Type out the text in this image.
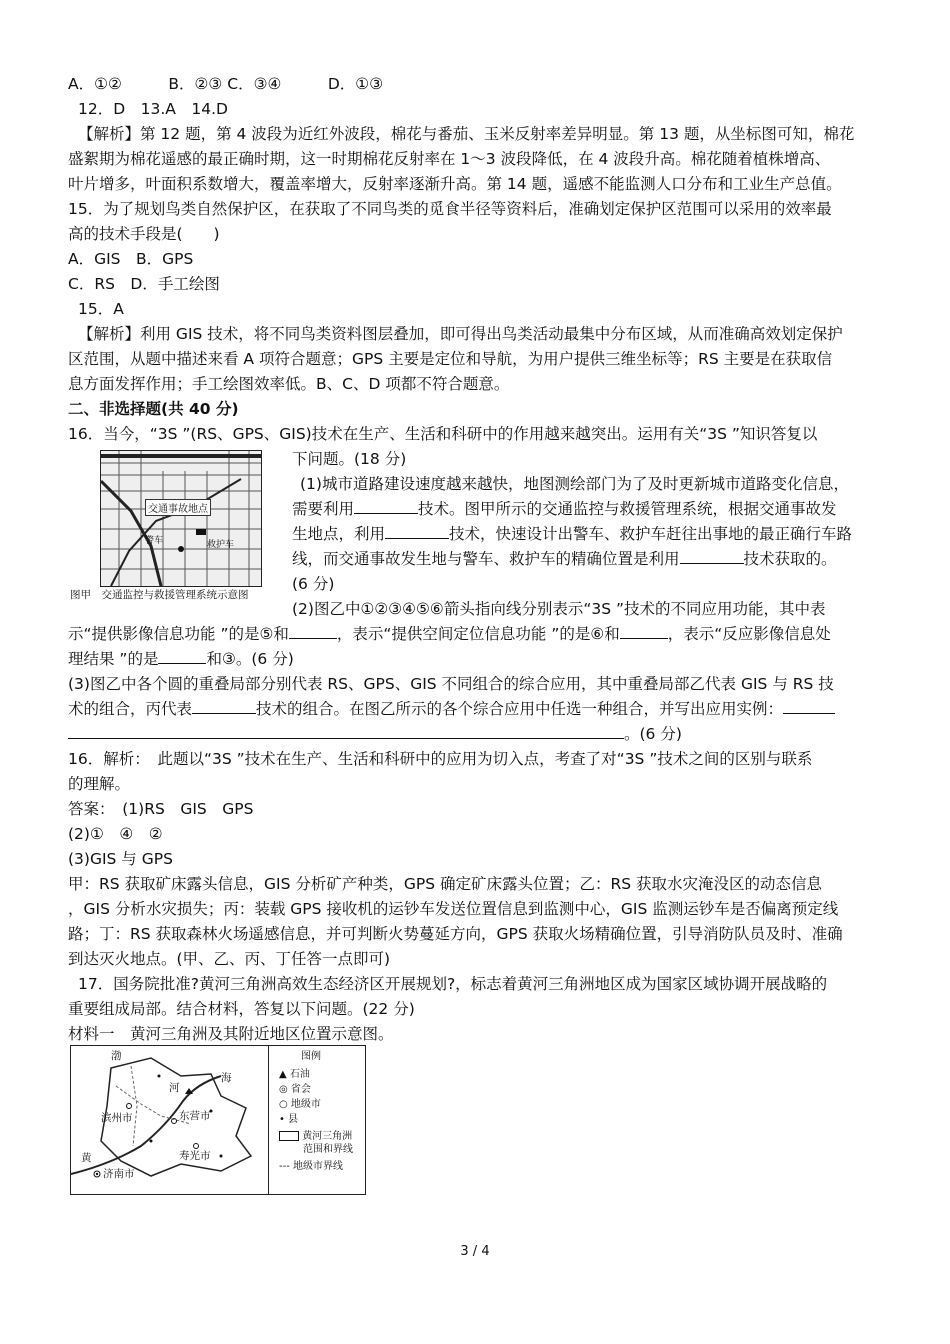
A．①②　　　B．②③ C．③④　　　D．①③
12．D　13.A　14.D
【解析】第 12 题，第 4 波段为近红外波段，棉花与番茄、玉米反射率差异明显。第 13 题，从坐标图可知，棉花
盛絮期为棉花遥感的最正确时期，这一时期棉花反射率在 1～3 波段降低，在 4 波段升高。棉花随着植株增高、
叶片增多，叶面积系数增大，覆盖率增大，反射率逐渐升高。第 14 题，遥感不能监测人口分布和工业生产总值。
15．为了规划鸟类自然保护区，在获取了不同鸟类的觅食半径等资料后，准确划定保护区范围可以采用的效率最
高的技术手段是(　　)
A．GIS　B．GPS
C．RS　D．手工绘图
15．A
【解析】利用 GIS 技术，将不同鸟类资料图层叠加，即可得出鸟类活动最集中分布区域，从而准确高效划定保护
区范围，从题中描述来看 A 项符合题意；GPS 主要是定位和导航，为用户提供三维坐标等；RS 主要是在获取信
息方面发挥作用；手工绘图效率低。B、C、D 项都不符合题意。
二、非选择题(共 40 分)
16．当今，“3S ”(RS、GPS、GIS)技术在生产、生活和科研中的作用越来越突出。运用有关“3S ”知识答复以
交通事故地点
救护车
警车
图甲　交通监控与救援管理系统示意图
下问题。(18 分)
(1)城市道路建设速度越来越快，地图测绘部门为了及时更新城市道路变化信息，
需要利用	技术。图甲所示的交通监控与救援管理系统，根据交通事故发
生地点，利用	技术，快速设计出警车、救护车赶往出事地的最正确行车路
线，而交通事故发生地与警车、救护车的精确位置是利用	技术获取的。
(6 分)
(2)图乙中①②③④⑤⑥箭头指向线分别表示“3S ”技术的不同应用功能，其中表
示“提供影像信息功能 ”的是⑤和	，表示“提供空间定位信息功能 ”的是⑥和	，表示“反应影像信息处
理结果 ”的是	和③。(6 分)
(3)图乙中各个圆的重叠局部分别代表 RS、GPS、GIS 不同组合的综合应用，其中重叠局部乙代表 GIS 与 RS 技
术的组合，丙代表	技术的组合。在图乙所示的各个综合应用中任选一种组合，并写出应用实例：
。(6 分)
16．解析：　此题以“3S ”技术在生产、生活和科研中的应用为切入点，考查了对“3S ”技术之间的区别与联系
的理解。
答案：　(1)RS　GIS　GPS
(2)①　④　②
(3)GIS 与 GPS
甲：RS 获取矿床露头信息，GIS 分析矿产种类，GPS 确定矿床露头位置；乙：RS 获取水灾淹没区的动态信息
，GIS 分析水灾损失；丙：装载 GPS 接收机的运钞车发送位置信息到监测中心，GIS 监测运钞车是否偏离预定线
路；丁：RS 获取森林火场遥感信息，并可判断火势蔓延方向，GPS 获取火场精确位置，引导消防队员及时、准确
到达灭火地点。(甲、乙、丙、丁任答一点即可)
17．国务院批准?黄河三角洲高效生态经济区开展规划?，标志着黄河三角洲地区成为国家区域协调开展战略的
重要组成局部。结合材料，答复以下问题。(22 分)
材料一　黄河三角洲及其附近地区位置示意图。
渤
海
河
滨州市	东营市
寿光市
黄
济南市
图例
▲ 石油
◎ 省会
○ 地级市
• 县
黄河三角洲
范围和界线
--- 地级市界线
3 / 4
